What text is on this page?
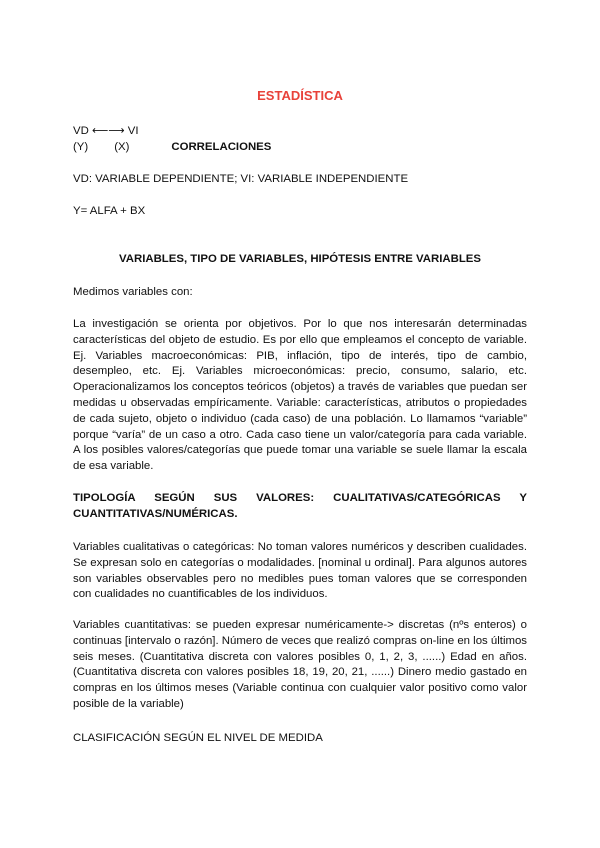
ESTADÍSTICA
VD ⟵⟶ VI
(Y) (X)	CORRELACIONES
VD: VARIABLE DEPENDIENTE; VI: VARIABLE INDEPENDIENTE
Y= ALFA + BX
VARIABLES, TIPO DE VARIABLES, HIPÓTESIS ENTRE VARIABLES
Medimos variables con:
La investigación se orienta por objetivos. Por lo que nos interesarán determinadas características del objeto de estudio. Es por ello que empleamos el concepto de variable. Ej. Variables macroeconómicas: PIB, inflación, tipo de interés, tipo de cambio, desempleo, etc. Ej. Variables microeconómicas: precio, consumo, salario, etc. Operacionalizamos los conceptos teóricos (objetos) a través de variables que puedan ser medidas u observadas empíricamente. Variable: características, atributos o propiedades de cada sujeto, objeto o individuo (cada caso) de una población. Lo llamamos “variable” porque “varía” de un caso a otro. Cada caso tiene un valor/categoría para cada variable. A los posibles valores/categorías que puede tomar una variable se suele llamar la escala de esa variable.
TIPOLOGÍA SEGÚN SUS VALORES: CUALITATIVAS/CATEGÓRICAS Y CUANTITATIVAS/NUMÉRICAS.
Variables cualitativas o categóricas: No toman valores numéricos y describen cualidades. Se expresan solo en categorías o modalidades. [nominal u ordinal]. Para algunos autores son variables observables pero no medibles pues toman valores que se corresponden con cualidades no cuantificables de los individuos.
Variables cuantitativas: se pueden expresar numéricamente-> discretas (nºs enteros) o continuas [intervalo o razón]. Número de veces que realizó compras on-line en los últimos seis meses. (Cuantitativa discreta con valores posibles 0, 1, 2, 3, ......) Edad en años. (Cuantitativa discreta con valores posibles 18, 19, 20, 21, ......) Dinero medio gastado en compras en los últimos meses (Variable continua con cualquier valor positivo como valor posible de la variable)
CLASIFICACIÓN SEGÚN EL NIVEL DE MEDIDA
